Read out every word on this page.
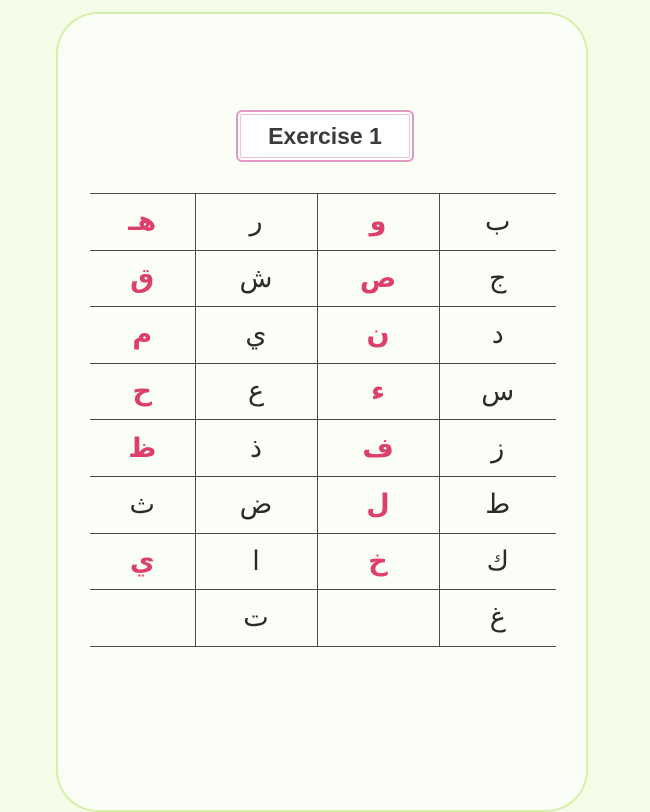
Exercise 1
هـ	ر	و	ب
ق	ش	ص	ج
م	ي	ن	د
ح	ع	ء	س
ظ	ذ	ف	ز
ث	ض	ل	ط
ي	ا	خ	ك
	ت		غ
